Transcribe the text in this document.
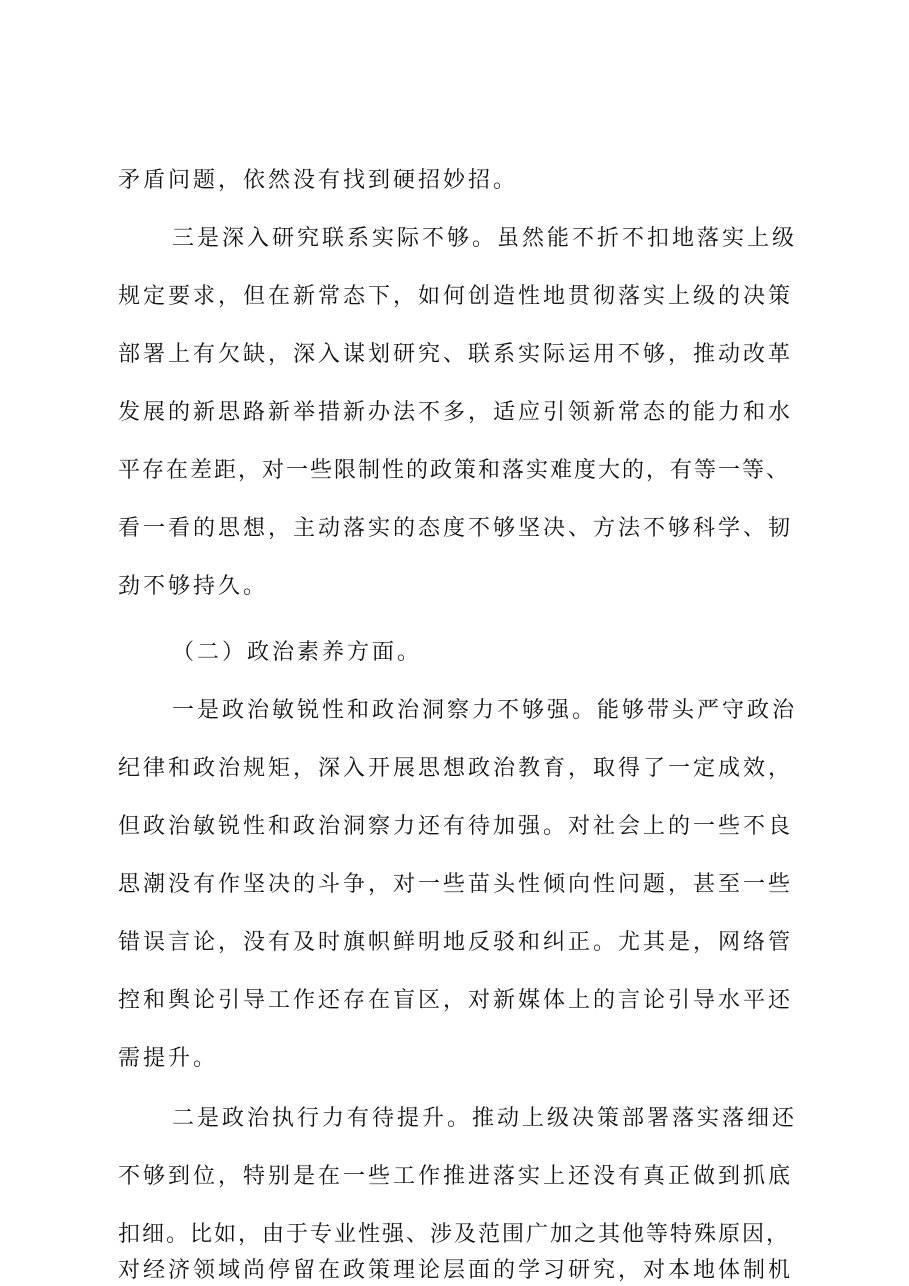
矛盾问题，依然没有找到硬招妙招。
三是深入研究联系实际不够。虽然能不折不扣地落实上级
规定要求，但在新常态下，如何创造性地贯彻落实上级的决策
部署上有欠缺，深入谋划研究、联系实际运用不够，推动改革
发展的新思路新举措新办法不多，适应引领新常态的能力和水
平存在差距，对一些限制性的政策和落实难度大的，有等一等、
看一看的思想，主动落实的态度不够坚决、方法不够科学、韧
劲不够持久。
（二）政治素养方面。
一是政治敏锐性和政治洞察力不够强。能够带头严守政治
纪律和政治规矩，深入开展思想政治教育，取得了一定成效，
但政治敏锐性和政治洞察力还有待加强。对社会上的一些不良
思潮没有作坚决的斗争，对一些苗头性倾向性问题，甚至一些
错误言论，没有及时旗帜鲜明地反驳和纠正。尤其是，网络管
控和舆论引导工作还存在盲区，对新媒体上的言论引导水平还
需提升。
二是政治执行力有待提升。推动上级决策部署落实落细还
不够到位，特别是在一些工作推进落实上还没有真正做到抓底
扣细。比如，由于专业性强、涉及范围广加之其他等特殊原因，
对经济领域尚停留在政策理论层面的学习研究，对本地体制机
